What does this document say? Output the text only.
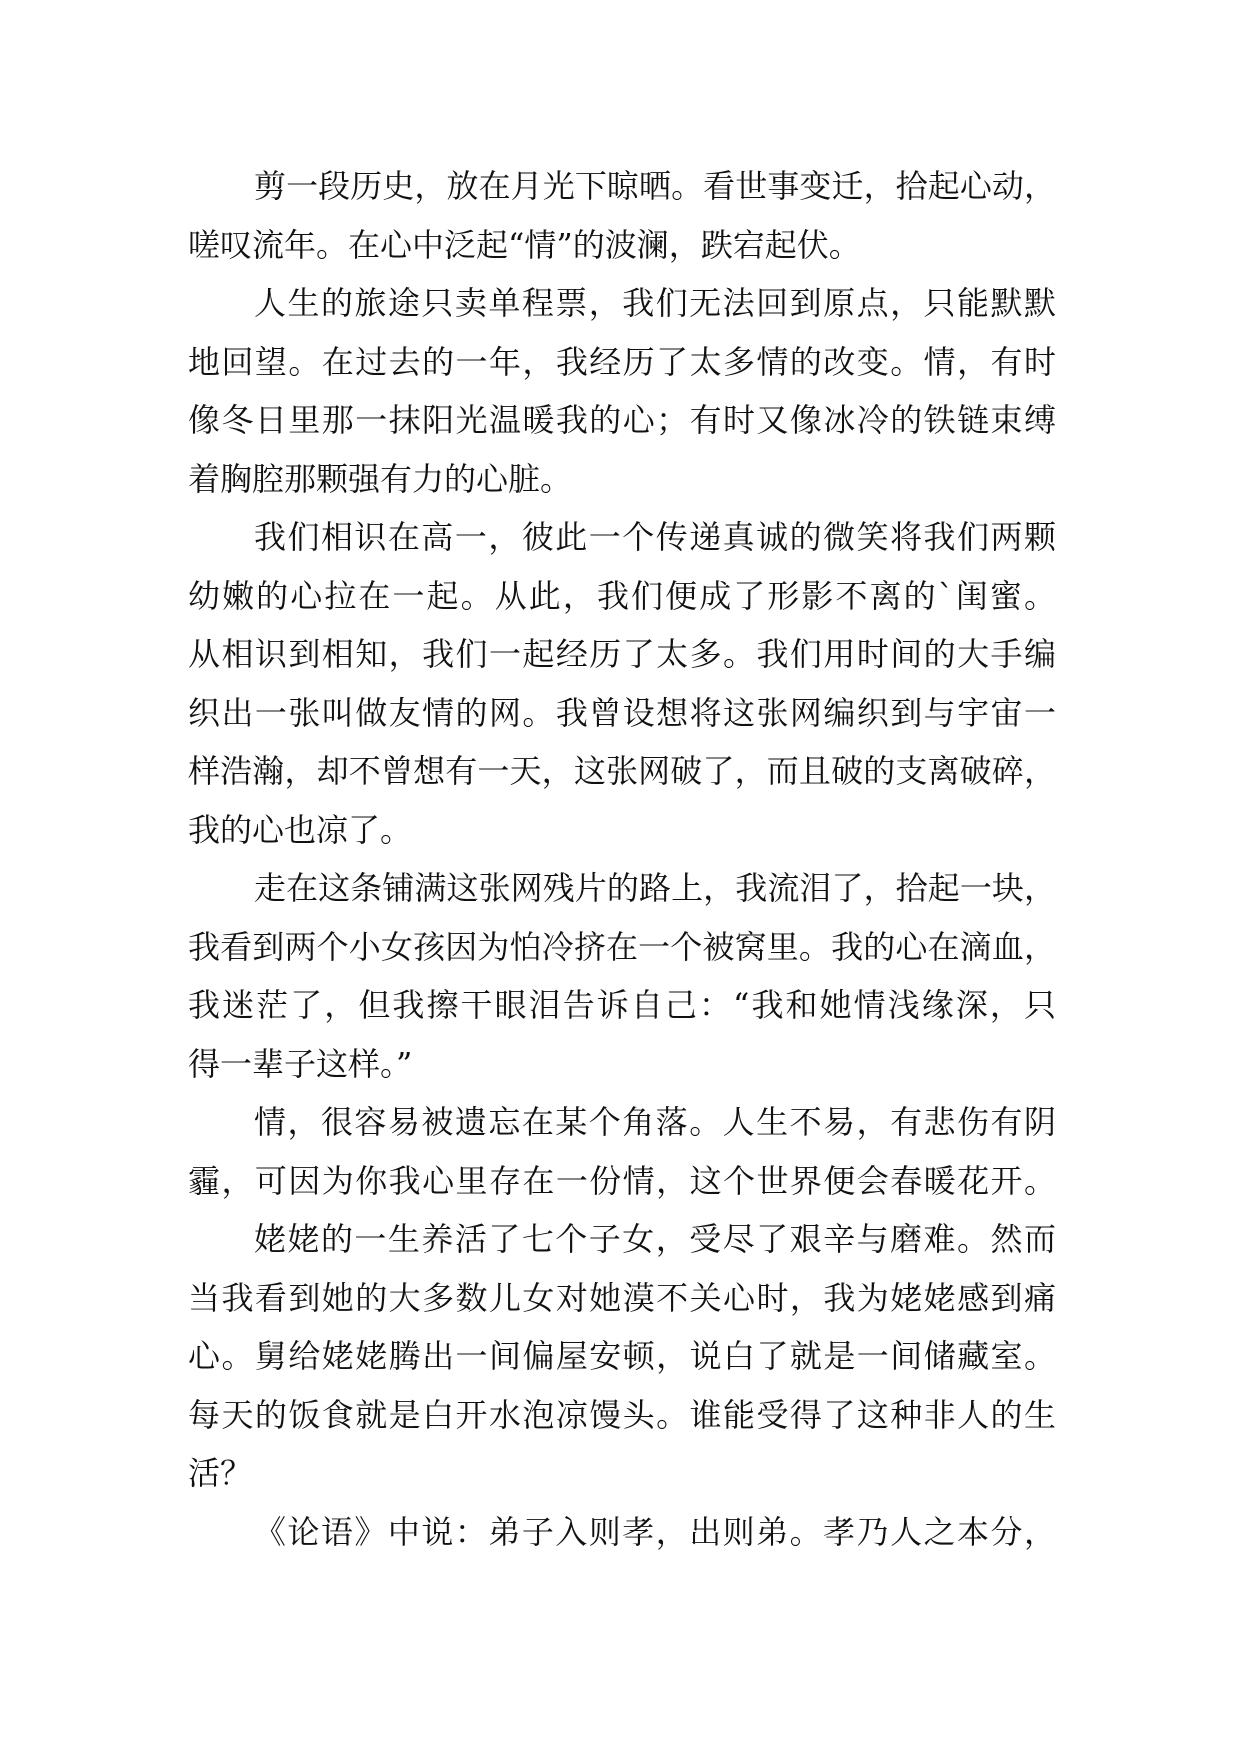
剪一段历史，放在月光下晾晒。看世事变迁，拾起心动，
嗟叹流年。在心中泛起“情”的波澜，跌宕起伏。
人生的旅途只卖单程票，我们无法回到原点，只能默默
地回望。在过去的一年，我经历了太多情的改变。情，有时
像冬日里那一抹阳光温暖我的心；有时又像冰冷的铁链束缚
着胸腔那颗强有力的心脏。
我们相识在高一，彼此一个传递真诚的微笑将我们两颗
幼嫩的心拉在一起。从此，我们便成了形影不离的`闺蜜。
从相识到相知，我们一起经历了太多。我们用时间的大手编
织出一张叫做友情的网。我曾设想将这张网编织到与宇宙一
样浩瀚，却不曾想有一天，这张网破了，而且破的支离破碎，
我的心也凉了。
走在这条铺满这张网残片的路上，我流泪了，拾起一块，
我看到两个小女孩因为怕冷挤在一个被窝里。我的心在滴血，
我迷茫了，但我擦干眼泪告诉自己：“我和她情浅缘深，只
得一辈子这样。”
情，很容易被遗忘在某个角落。人生不易，有悲伤有阴
霾，可因为你我心里存在一份情，这个世界便会春暖花开。
姥姥的一生养活了七个子女，受尽了艰辛与磨难。然而
当我看到她的大多数儿女对她漠不关心时，我为姥姥感到痛
心。舅给姥姥腾出一间偏屋安顿，说白了就是一间储藏室。
每天的饭食就是白开水泡凉馒头。谁能受得了这种非人的生
活？
《论语》中说：弟子入则孝，出则弟。孝乃人之本分，
